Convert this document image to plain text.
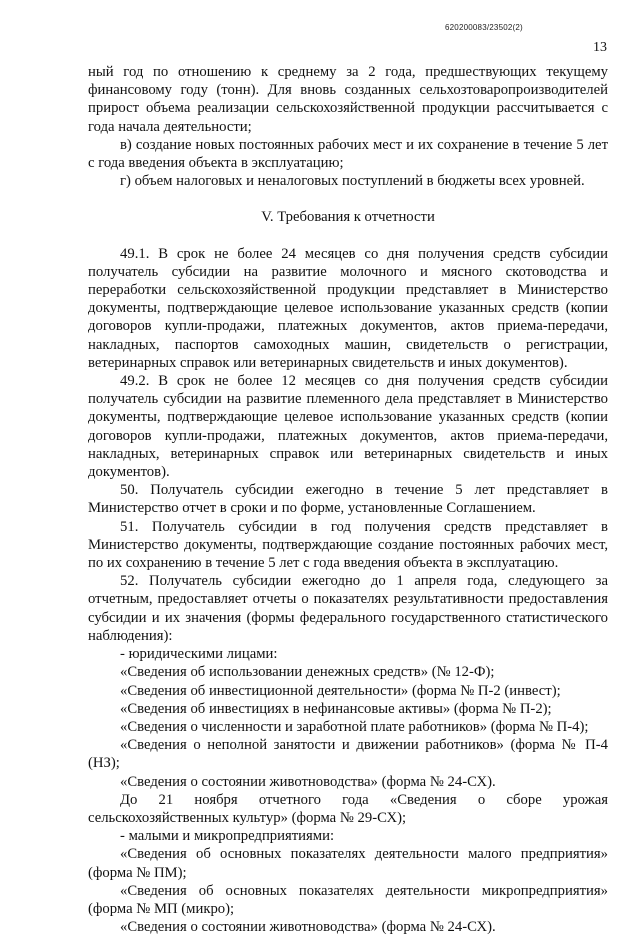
620200083/23502(2)
13

ный год по отношению к среднему за 2 года, предшествующих текущему финансовому году (тонн). Для вновь созданных сельхозтоваропроизводителей прирост объема реализации сельскохозяйственной продукции рассчитывается с года начала деятельности;

в) создание новых постоянных рабочих мест и их сохранение в течение 5 лет с года введения объекта в эксплуатацию;

г) объем налоговых и неналоговых поступлений в бюджеты всех уровней.

V. Требования к отчетности

49.1. В срок не более 24 месяцев со дня получения средств субсидии получатель субсидии на развитие молочного и мясного скотоводства и переработки сельскохозяйственной продукции представляет в Министерство документы, подтверждающие целевое использование указанных средств (копии договоров купли-продажи, платежных документов, актов приема-передачи, накладных, паспортов самоходных машин, свидетельств о регистрации, ветеринарных справок или ветеринарных свидетельств и иных документов).

49.2. В срок не более 12 месяцев со дня получения средств субсидии получатель субсидии на развитие племенного дела представляет в Министерство документы, подтверждающие целевое использование указанных средств (копии договоров купли-продажи, платежных документов, актов приема-передачи, накладных, ветеринарных справок или ветеринарных свидетельств и иных документов).

50. Получатель субсидии ежегодно в течение 5 лет представляет в Министерство отчет в сроки и по форме, установленные Соглашением.

51. Получатель субсидии в год получения средств представляет в Министерство документы, подтверждающие создание постоянных рабочих мест, по их сохранению в течение 5 лет с года введения объекта в эксплуатацию.

52. Получатель субсидии ежегодно до 1 апреля года, следующего за отчетным, предоставляет отчеты о показателях результативности предоставления субсидии и их значения (формы федерального государственного статистического наблюдения):

- юридическими лицами:

«Сведения об использовании денежных средств» (№ 12-Ф);

«Сведения об инвестиционной деятельности» (форма № П-2 (инвест);

«Сведения об инвестициях в нефинансовые активы» (форма № П-2);

«Сведения о численности и заработной плате работников» (форма № П-4);

«Сведения о неполной занятости и движении работников» (форма № П-4 (НЗ);

«Сведения о состоянии животноводства» (форма № 24-СХ).

До 21 ноября отчетного года «Сведения о сборе урожая сельскохозяйственных культур» (форма № 29-СХ);

- малыми и микропредприятиями:

«Сведения об основных показателях деятельности малого предприятия» (форма № ПМ);

«Сведения об основных показателях деятельности микропредприятия» (форма № МП (микро);

«Сведения о состоянии животноводства» (форма № 24-СХ).
